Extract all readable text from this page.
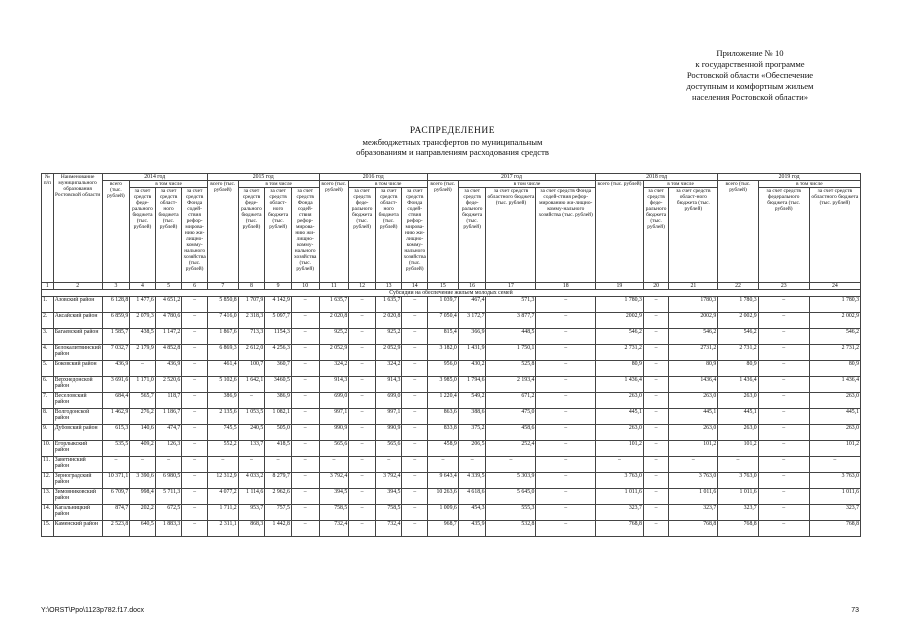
Приложение № 10
к государственной программе
Ростовской области «Обеспечение
доступным и комфортным жильем
населения Ростовской области»
РАСПРЕДЕЛЕНИЕ
межбюджетных трансфертов по муниципальным
образованиям и направлениям расходования средств
№ п/п	Наименование муниципального образования Ростовской области	2014 год				2015 год				2016 год				2017 год				2018 год			2019 год		
		всего (тыс. рублей)	в том числе			всего (тыс. рублей)	в том числе			всего (тыс. рублей)	в том числе			всего (тыс. рублей)	в том числе			всего (тыс. рублей)	в том числе		всего (тыс. рублей)	в том числе	
			за счет средств феде-рального бюджета (тыс. рублей)	за счет средств област-ного бюджета (тыс. рублей)	за счет средств Фонда содей-ствия рефор-мирова-нию жи-лищно-комму-нального хозяйства (тыс. рублей)		за счет средств феде-рального бюджета (тыс. рублей)	за счет средств област-ного бюджета (тыс. рублей)	за счет средств Фонда содей-ствия рефор-мирова-нию жи-лищно-комму-нального хозяйства (тыс. рублей)		за счет средств феде-рального бюджета (тыс. рублей)	за счет средств област-ного бюджета (тыс. рублей)	за счет средств Фонда содей-ствия рефор-мирова-нию жи-лищно-комму-нального хозяйства (тыс. рублей)		за счет средств феде-рального бюджета (тыс. рублей)	за счет средств областного бюджета (тыс. рублей)	за счет средств Фонда содей-ствия рефор-мированию жи-лищно-комму-нального хозяйства (тыс. рублей)		за счет средств феде-рального бюджета (тыс. рублей)	за счет средств област-ного бюджета (тыс. рублей)		за счет средств федерального бюджета (тыс. рублей)	за счет средств областного бюджета (тыс. рублей)
1	2	3	4	5	6	7	8	9	10	11	12	13	14	15	16	17	18	19	20	21	22	23	24
Субсидии на обеспечение жильем молодых семей																							
1.	Азовский район	6 128,8	1 477,6	4 651,2	–	5 850,8	1 707,9	4 142,9	–	1 635,7	–	1 635,7	–	1 039,7	467,4	571,3	–	1 780,3	–	1780,3	1 780,3	–	1 780,3
2.	Аксайский район	6 859,9	2 079,3	4 780,6	–	7 416,0	2 318,3	5 097,7	–	2 020,8	–	2 020,8	–	7 050,4	3 172,7	3 877,7	–	2002,9	–	2002,9	2 002,9	–	2 002,9
3.	Багаевский район	1 585,7	438,5	1 147,2	–	1 867,6	713,3	1154,3	–	925,2	–	925,2	–	815,4	366,9	448,5	–	546,2	–	546,2	546,2	–	546,2
4.	Белокалитвинский район	7 032,7	2 179,9	4 852,8	–	6 869,3	2 612,0	4 256,3	–	2 052,9	–	2 052,9	–	3 182,0	1 431,9	1 750,1	–	2 731,2	–	2731,2	2 731,2	–	2 731,2
5.	Боковский район	436,9	–	436,9	–	461,4	100,7	360,7	–	324,2	–	324,2	–	956,0	430,2	525,8	–	80,9	–	80,9	80,9	–	80,9
6.	Верхнедонской район	3 691,6	1 171,0	2 520,6	–	5 102,6	1 642,1	3460,5	–	914,3	–	914,3	–	3 985,0	1 794,6	2 193,4	–	1 436,4	–	1436,4	1 436,4	–	1 436,4
7.	Веселовский район	684,4	565,7	118,7	–	386,9	–	386,9	–	699,0	–	699,0	–	1 220,4	549,2	671,2	–	263,0	–	263,0	263,0	–	263,0
8.	Волгодонской район	1 462,9	276,2	1 186,7	–	2 135,6	1 053,5	1 082,1	–	997,1	–	997,1	–	863,6	388,6	475,0	–	445,1	–	445,1	445,1	–	445,1
9.	Дубовский район	615,3	140,6	474,7	–	745,5	240,5	505,0	–	990,9	–	990,9	–	833,8	375,2	458,6	–	263,0	–	263,0	263,0	–	263,0
10.	Егорлыкский район	535,5	409,2	126,3	–	552,2	133,7	418,5	–	565,6	–	565,6	–	458,9	206,5	252,4	–	101,2	–	101,2	101,2	–	101,2
11.	Заветинский район	–	–	–	–	–	–	–	–	–	–	–	–	–	–	–	–	–	–	–	–	–	–
12.	Зерноградский район	10 371,1	3 390,6	6 980,5	–	12 312,9	4 033,2	8 279,7	–	3 792,4	–	3 792,4	–	9 643,4	4 339,5	5 303,9	–	3 763,0	–	3 763,0	3 763,0	–	3 763,0
13.	Зимовниковский район	6 709,7	998,4	5 711,3	–	4 077,2	1 114,6	2 962,6	–	394,5	–	394,5	–	10 263,6	4 618,6	5 645,0	–	1 011,6	–	1 011,6	1 011,6	–	1 011,6
14.	Кагальницкий район	874,7	202,2	672,5	–	1 711,2	953,7	757,5	–	758,5	–	758,5	–	1 009,6	454,3	555,3	–	323,7	–	323,7	323,7	–	323,7
15.	Каменский район	2 523,8	640,5	1 883,3	–	2 311,1	868,3	1 442,8	–	732,4	–	732,4	–	968,7	435,9	532,8	–	768,8	–	768,8	768,8	–	768,8
Y:\ORST\Ppo\1123p782.f17.docx	73
